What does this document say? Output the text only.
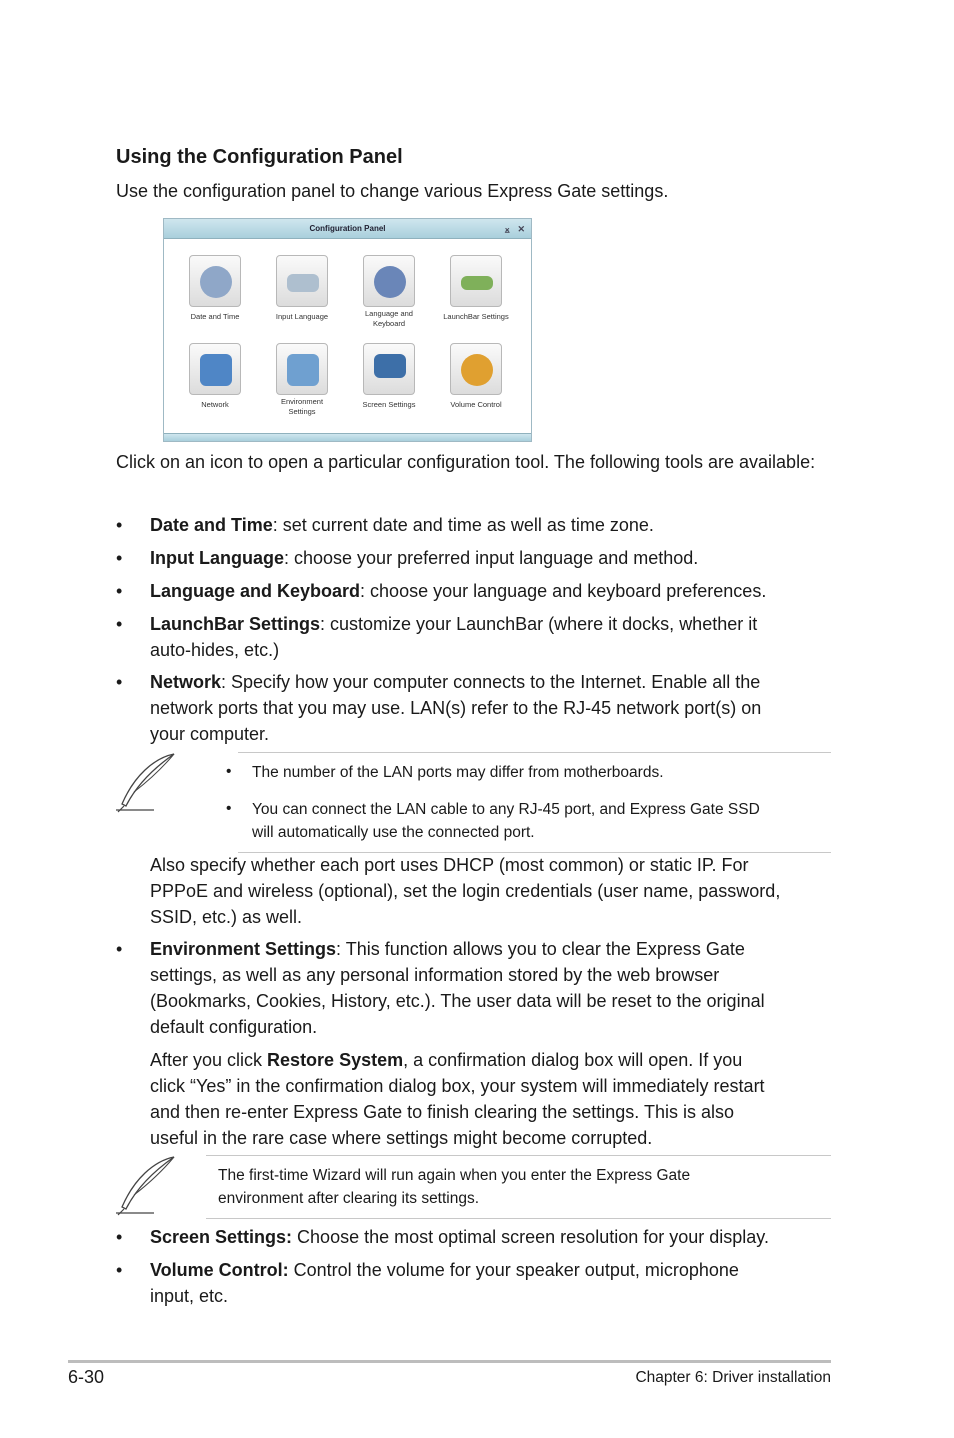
Using the Configuration Panel
Use the configuration panel to change various Express Gate settings.
Configuration Panel	⨱ ✕
Date and Time	Input Language	Language and Keyboard
LaunchBar Settings
Network	Environment Settings
Screen Settings	Volume Control
Click on an icon to open a particular configuration tool. The following tools are available:
• Date and Time: set current date and time as well as time zone.
• Input Language: choose your preferred input language and method.
• Language and Keyboard: choose your language and keyboard preferences.
• LaunchBar Settings: customize your LaunchBar (where it docks, whether it
auto-hides, etc.)
• Network: Specify how your computer connects to the Internet. Enable all the
network ports that you may use. LAN(s) refer to the RJ-45 network port(s) on
your computer.
• The number of the LAN ports may differ from motherboards.
• You can connect the LAN cable to any RJ-45 port, and Express Gate SSD
will automatically use the connected port.
Also specify whether each port uses DHCP (most common) or static IP. For
PPPoE and wireless (optional), set the login credentials (user name, password,
SSID, etc.) as well.
• Environment Settings: This function allows you to clear the Express Gate
settings, as well as any personal information stored by the web browser
(Bookmarks, Cookies, History, etc.). The user data will be reset to the original
default configuration.
After you click Restore System, a confirmation dialog box will open. If you
click “Yes” in the confirmation dialog box, your system will immediately restart
and then re-enter Express Gate to finish clearing the settings. This is also
useful in the rare case where settings might become corrupted.
The first-time Wizard will run again when you enter the Express Gate
environment after clearing its settings.
• Screen Settings: Choose the most optimal screen resolution for your display.
• Volume Control: Control the volume for your speaker output, microphone
input, etc.
6-30	Chapter 6: Driver installation
